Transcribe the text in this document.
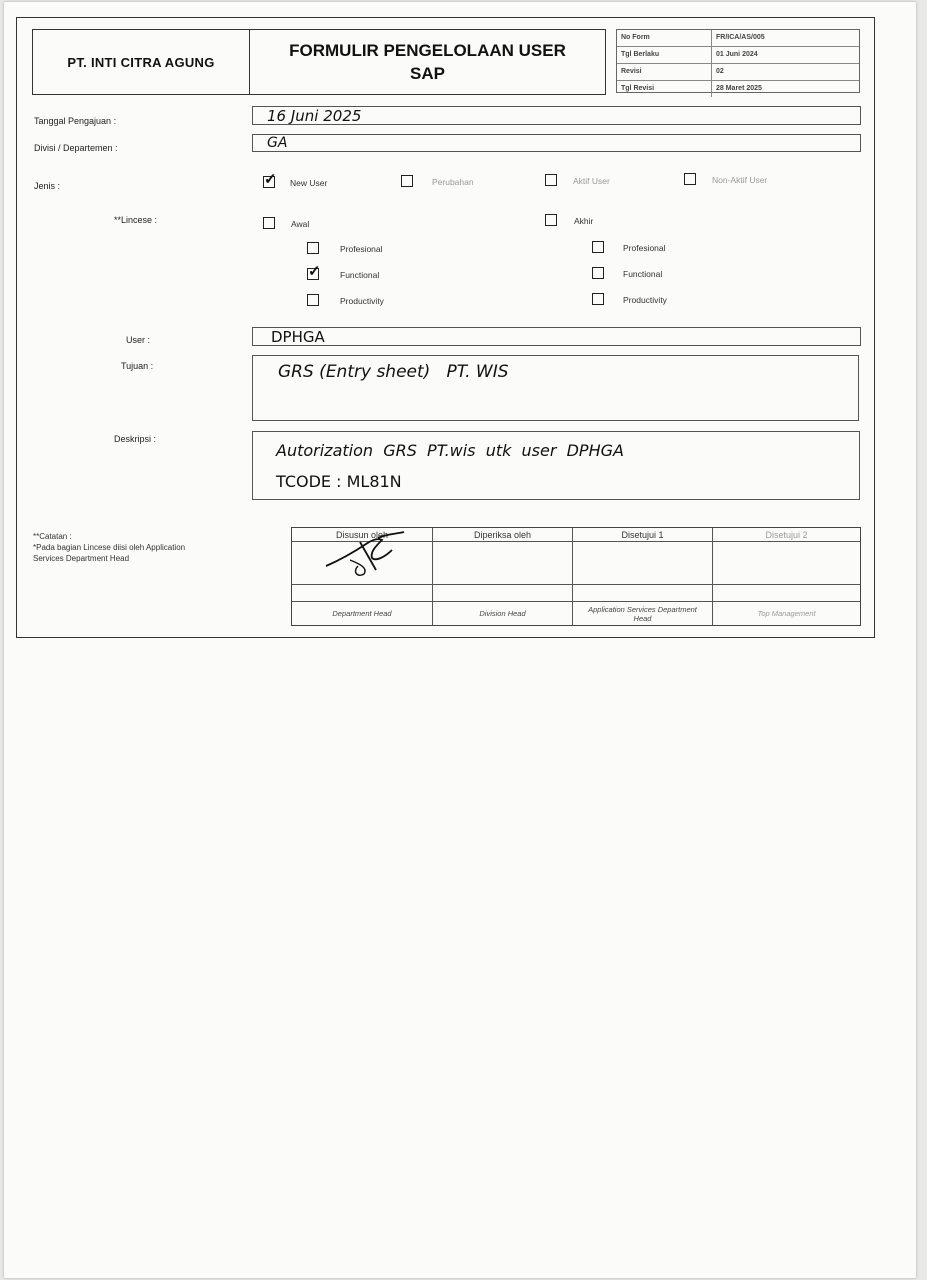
PT. INTI CITRA AGUNG
FORMULIR PENGELOLAAN USER SAP
No Form	FR/ICA/AS/005
Tgl Berlaku	01 Juni 2024
Revisi	02
Tgl Revisi	28 Maret 2025
Tanggal Pengajuan :	16 Juni 2025
Divisi / Departemen :	GA
Jenis :	✓ New User	Perubahan	Aktif User	Non-Aktif User
**Lincese :	Awal	Akhir
Profesional
✓ Functional
Productivity
Profesional
Functional
Productivity
User :	DPHGA
Tujuan :	GRS (Entry sheet)   PT. WIS
Deskripsi :
Autorization  GRS  PT.wis  utk  user  DPHGA
TCODE : ML81N
**Catatan :
*Pada bagian Lincese diisi oleh Application
Services Department Head
Disusun oleh	Diperiksa oleh	Disetujui 1	Disetujui 2
Department Head	Division Head	Application Services Department Head	Top Management
